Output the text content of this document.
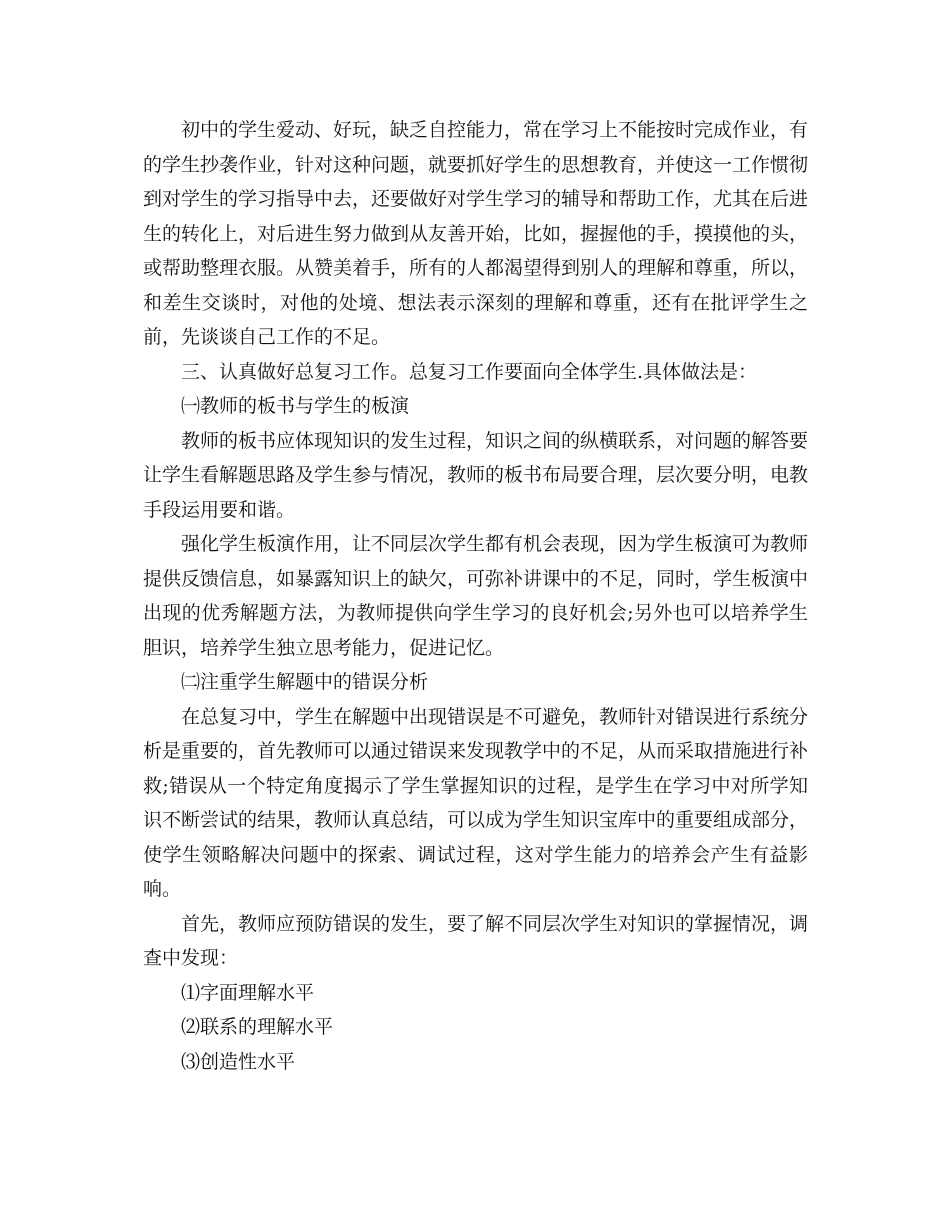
初中的学生爱动、好玩，缺乏自控能力，常在学习上不能按时完成作业，有的学生抄袭作业，针对这种问题，就要抓好学生的思想教育，并使这一工作惯彻到对学生的学习指导中去，还要做好对学生学习的辅导和帮助工作，尤其在后进生的转化上，对后进生努力做到从友善开始，比如，握握他的手，摸摸他的头，或帮助整理衣服。从赞美着手，所有的人都渴望得到别人的理解和尊重，所以，和差生交谈时，对他的处境、想法表示深刻的理解和尊重，还有在批评学生之前，先谈谈自己工作的不足。

三、认真做好总复习工作。总复习工作要面向全体学生.具体做法是：

㈠教师的板书与学生的板演

教师的板书应体现知识的发生过程，知识之间的纵横联系，对问题的解答要让学生看解题思路及学生参与情况，教师的板书布局要合理，层次要分明，电教手段运用要和谐。

强化学生板演作用，让不同层次学生都有机会表现，因为学生板演可为教师提供反馈信息，如暴露知识上的缺欠，可弥补讲课中的不足，同时，学生板演中出现的优秀解题方法，为教师提供向学生学习的良好机会;另外也可以培养学生胆识，培养学生独立思考能力，促进记忆。

㈡注重学生解题中的错误分析

在总复习中，学生在解题中出现错误是不可避免，教师针对错误进行系统分析是重要的，首先教师可以通过错误来发现教学中的不足，从而采取措施进行补救;错误从一个特定角度揭示了学生掌握知识的过程，是学生在学习中对所学知识不断尝试的结果，教师认真总结，可以成为学生知识宝库中的重要组成部分，使学生领略解决问题中的探索、调试过程，这对学生能力的培养会产生有益影响。

首先，教师应预防错误的发生，要了解不同层次学生对知识的掌握情况，调查中发现：

⑴字面理解水平

⑵联系的理解水平

⑶创造性水平
